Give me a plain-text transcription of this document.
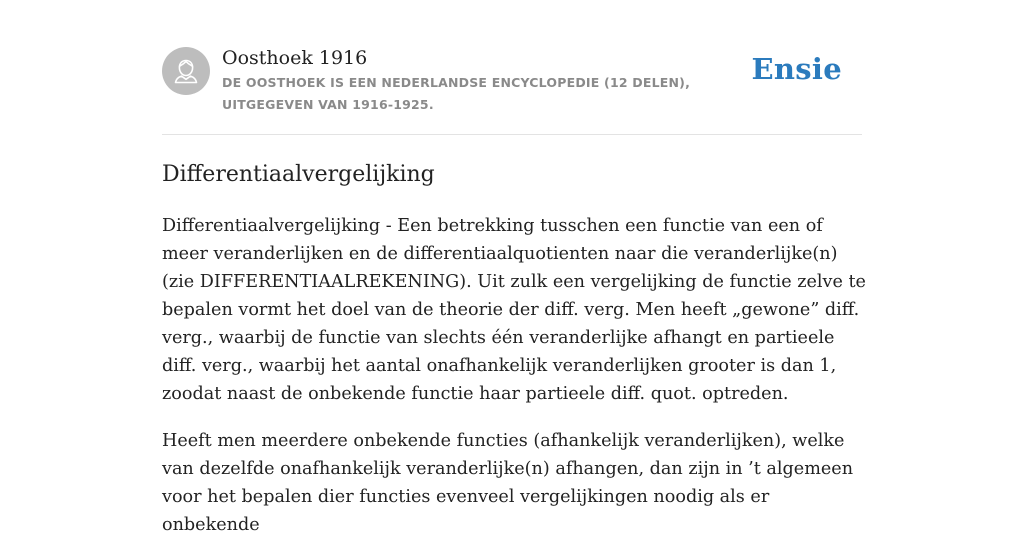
Oosthoek 1916
DE OOSTHOEK IS EEN NEDERLANDSE ENCYCLOPEDIE (12 DELEN), UITGEGEVEN VAN 1916-1925.
Ensie
Differentiaalvergelijking

Differentiaalvergelijking - Een betrekking tusschen een functie van een of meer veranderlijken en de differentiaalquotienten naar die veranderlijke(n) (zie DIFFERENTIAALREKENING). Uit zulk een vergelijking de functie zelve te bepalen vormt het doel van de theorie der diff. verg. Men heeft „gewone” diff. verg., waarbij de functie van slechts één veranderlijke afhangt en partieele diff. verg., waarbij het aantal onafhankelijk veranderlijken grooter is dan 1, zoodat naast de onbekende functie haar partieele diff. quot. optreden.

Heeft men meerdere onbekende functies (afhankelijk veranderlijken), welke van dezelfde onafhankelijk veranderlijke(n) afhangen, dan zijn in ’t algemeen voor het bepalen dier functies evenveel vergelijkingen noodig als er onbekende
